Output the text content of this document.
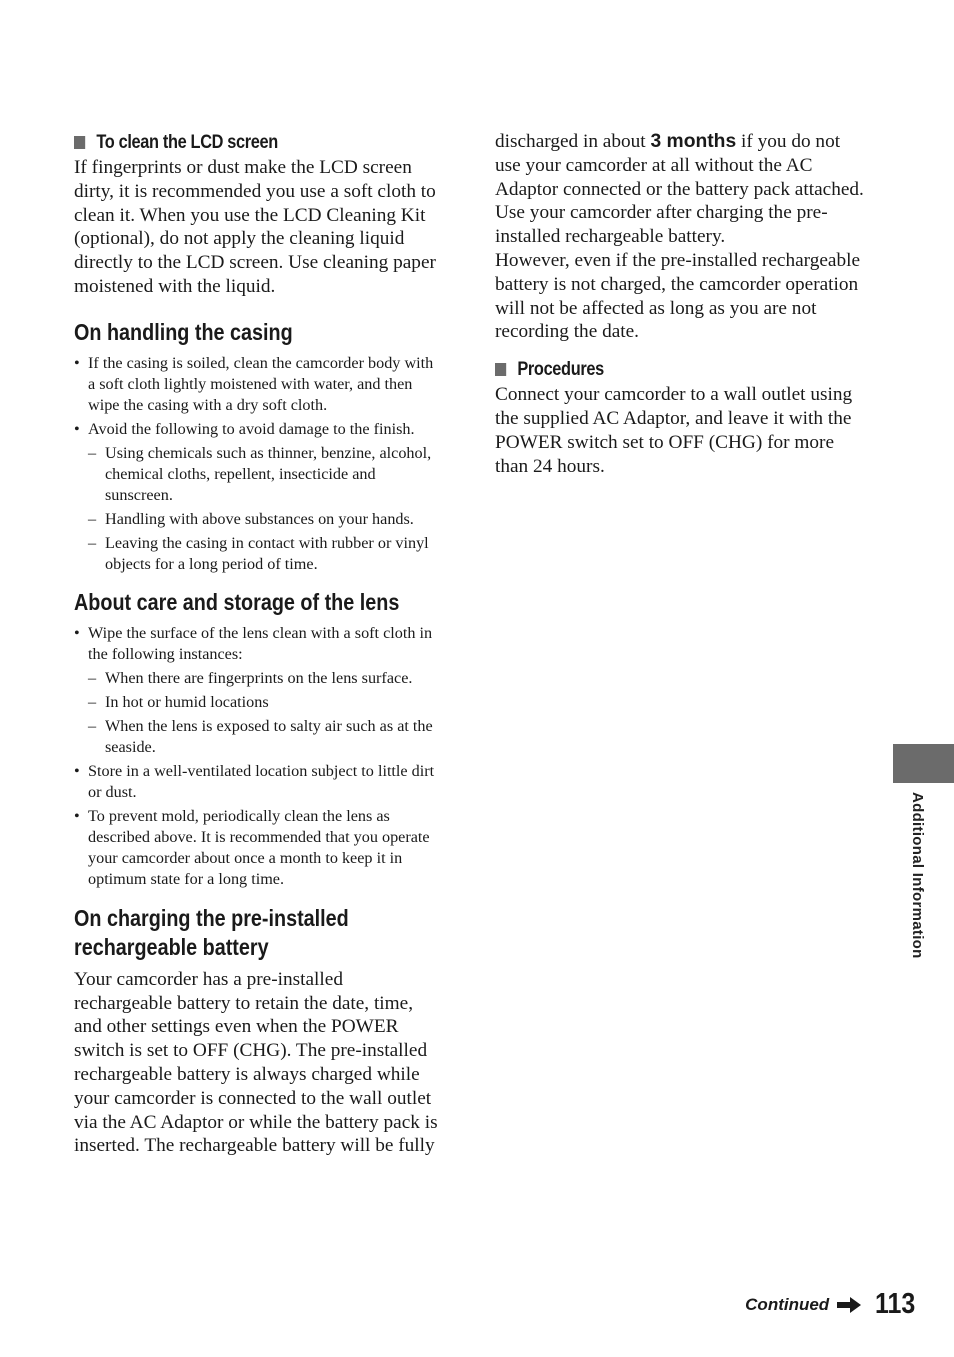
To clean the LCD screen

If fingerprints or dust make the LCD screen dirty, it is recommended you use a soft cloth to clean it. When you use the LCD Cleaning Kit (optional), do not apply the cleaning liquid directly to the LCD screen. Use cleaning paper moistened with the liquid.

On handling the casing
• If the casing is soiled, clean the camcorder body with a soft cloth lightly moistened with water, and then wipe the casing with a dry soft cloth.
• Avoid the following to avoid damage to the finish.
– Using chemicals such as thinner, benzine, alcohol, chemical cloths, repellent, insecticide and sunscreen.
– Handling with above substances on your hands.
– Leaving the casing in contact with rubber or vinyl objects for a long period of time.
About care and storage of the lens
• Wipe the surface of the lens clean with a soft cloth in the following instances:
– When there are fingerprints on the lens surface.
– In hot or humid locations
– When the lens is exposed to salty air such as at the seaside.
• Store in a well-ventilated location subject to little dirt or dust.
• To prevent mold, periodically clean the lens as described above. It is recommended that you operate your camcorder about once a month to keep it in optimum state for a long time.
On charging the pre-installed rechargeable battery

Your camcorder has a pre-installed rechargeable battery to retain the date, time, and other settings even when the POWER switch is set to OFF (CHG). The pre-installed rechargeable battery is always charged while your camcorder is connected to the wall outlet via the AC Adaptor or while the battery pack is inserted. The rechargeable battery will be fully

discharged in about 3 months if you do not use your camcorder at all without the AC Adaptor connected or the battery pack attached. Use your camcorder after charging the pre-installed rechargeable battery.

However, even if the pre-installed rechargeable battery is not charged, the camcorder operation will not be affected as long as you are not recording the date.

Procedures

Connect your camcorder to a wall outlet using the supplied AC Adaptor, and leave it with the POWER switch set to OFF (CHG) for more than 24 hours.

Additional Information
Continued 113
